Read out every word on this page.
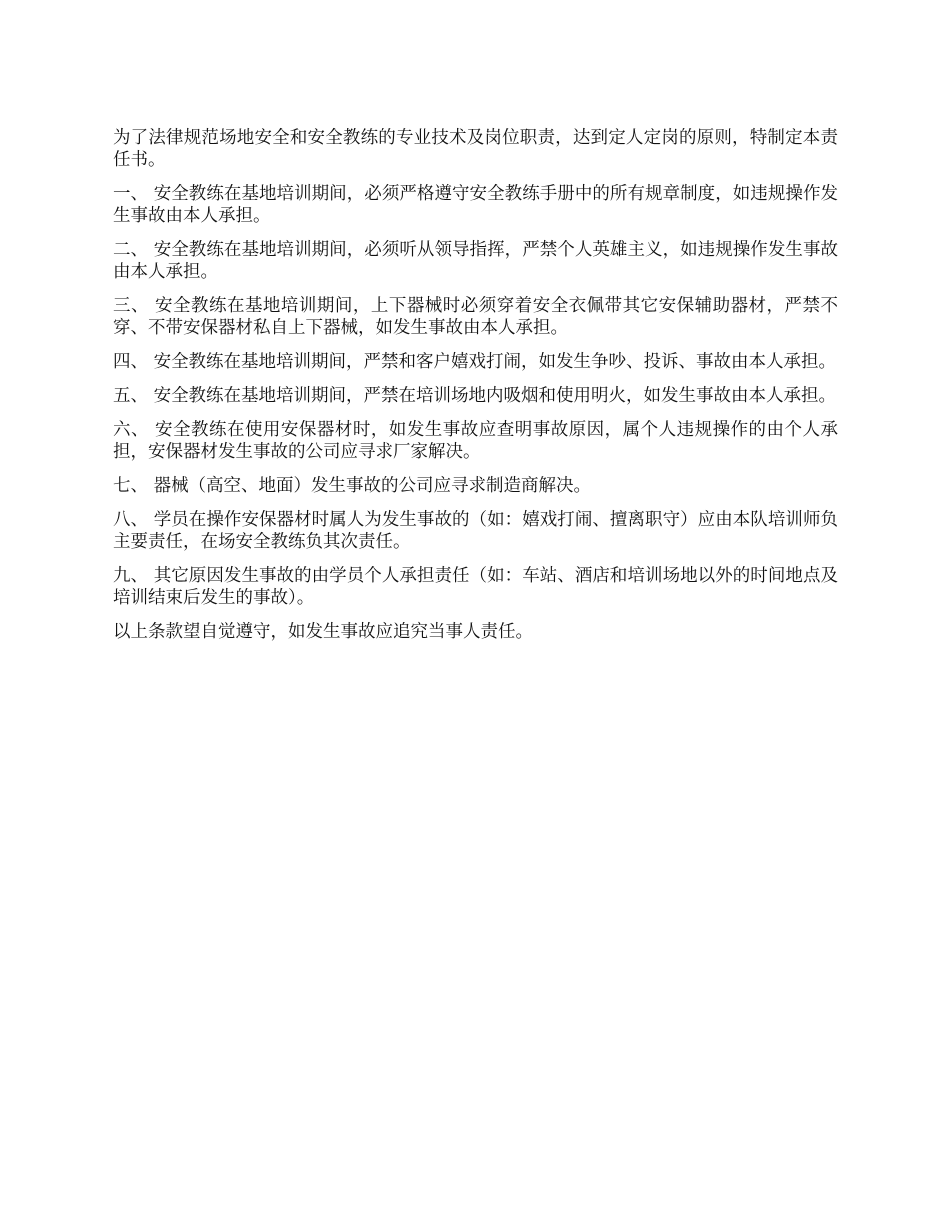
为了法律规范场地安全和安全教练的专业技术及岗位职责，达到定人定岗的原则，特制定本责任书。

一、 安全教练在基地培训期间，必须严格遵守安全教练手册中的所有规章制度，如违规操作发生事故由本人承担。

二、 安全教练在基地培训期间，必须听从领导指挥，严禁个人英雄主义，如违规操作发生事故由本人承担。

三、 安全教练在基地培训期间，上下器械时必须穿着安全衣佩带其它安保辅助器材，严禁不穿、不带安保器材私自上下器械，如发生事故由本人承担。

四、 安全教练在基地培训期间，严禁和客户嬉戏打闹，如发生争吵、投诉、事故由本人承担。

五、 安全教练在基地培训期间，严禁在培训场地内吸烟和使用明火，如发生事故由本人承担。

六、 安全教练在使用安保器材时，如发生事故应查明事故原因，属个人违规操作的由个人承担，安保器材发生事故的公司应寻求厂家解决。

七、 器械（高空、地面）发生事故的公司应寻求制造商解决。

八、 学员在操作安保器材时属人为发生事故的（如：嬉戏打闹、擅离职守）应由本队培训师负主要责任，在场安全教练负其次责任。

九、 其它原因发生事故的由学员个人承担责任（如：车站、酒店和培训场地以外的时间地点及培训结束后发生的事故）。

以上条款望自觉遵守，如发生事故应追究当事人责任。
